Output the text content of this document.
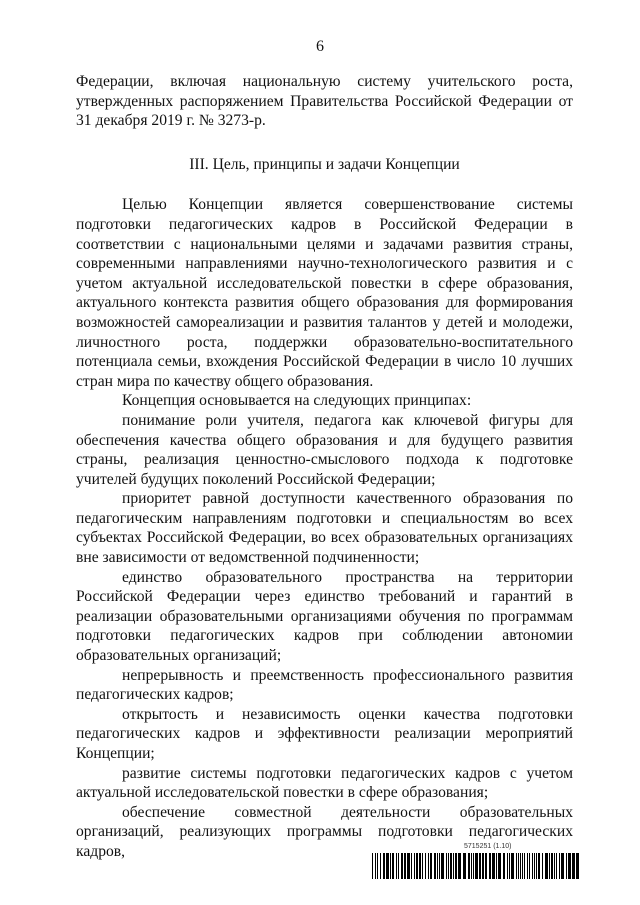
6

Федерации, включая национальную систему учительского роста, утвержденных распоряжением Правительства Российской Федерации от 31 декабря 2019 г. № 3273-р.

III. Цель, принципы и задачи Концепции

Целью Концепции является совершенствование системы подготовки педагогических кадров в Российской Федерации в соответствии с национальными целями и задачами развития страны, современными направлениями научно-технологического развития и с учетом актуальной исследовательской повестки в сфере образования, актуального контекста развития общего образования для формирования возможностей самореализации и развития талантов у детей и молодежи, личностного роста, поддержки образовательно-воспитательного потенциала семьи, вхождения Российской Федерации в число 10 лучших стран мира по качеству общего образования.

Концепция основывается на следующих принципах:

понимание роли учителя, педагога как ключевой фигуры для обеспечения качества общего образования и для будущего развития страны, реализация ценностно-смыслового подхода к подготовке учителей будущих поколений Российской Федерации;

приоритет равной доступности качественного образования по педагогическим направлениям подготовки и специальностям во всех субъектах Российской Федерации, во всех образовательных организациях вне зависимости от ведомственной подчиненности;

единство образовательного пространства на территории Российской Федерации через единство требований и гарантий в реализации образовательными организациями обучения по программам подготовки педагогических кадров при соблюдении автономии образовательных организаций;

непрерывность и преемственность профессионального развития педагогических кадров;

открытость и независимость оценки качества подготовки педагогических кадров и эффективности реализации мероприятий Концепции;

развитие системы подготовки педагогических кадров с учетом актуальной исследовательской повестки в сфере образования;

обеспечение совместной деятельности образовательных организаций, реализующих программы подготовки педагогических кадров,	5715251 (1.10)
